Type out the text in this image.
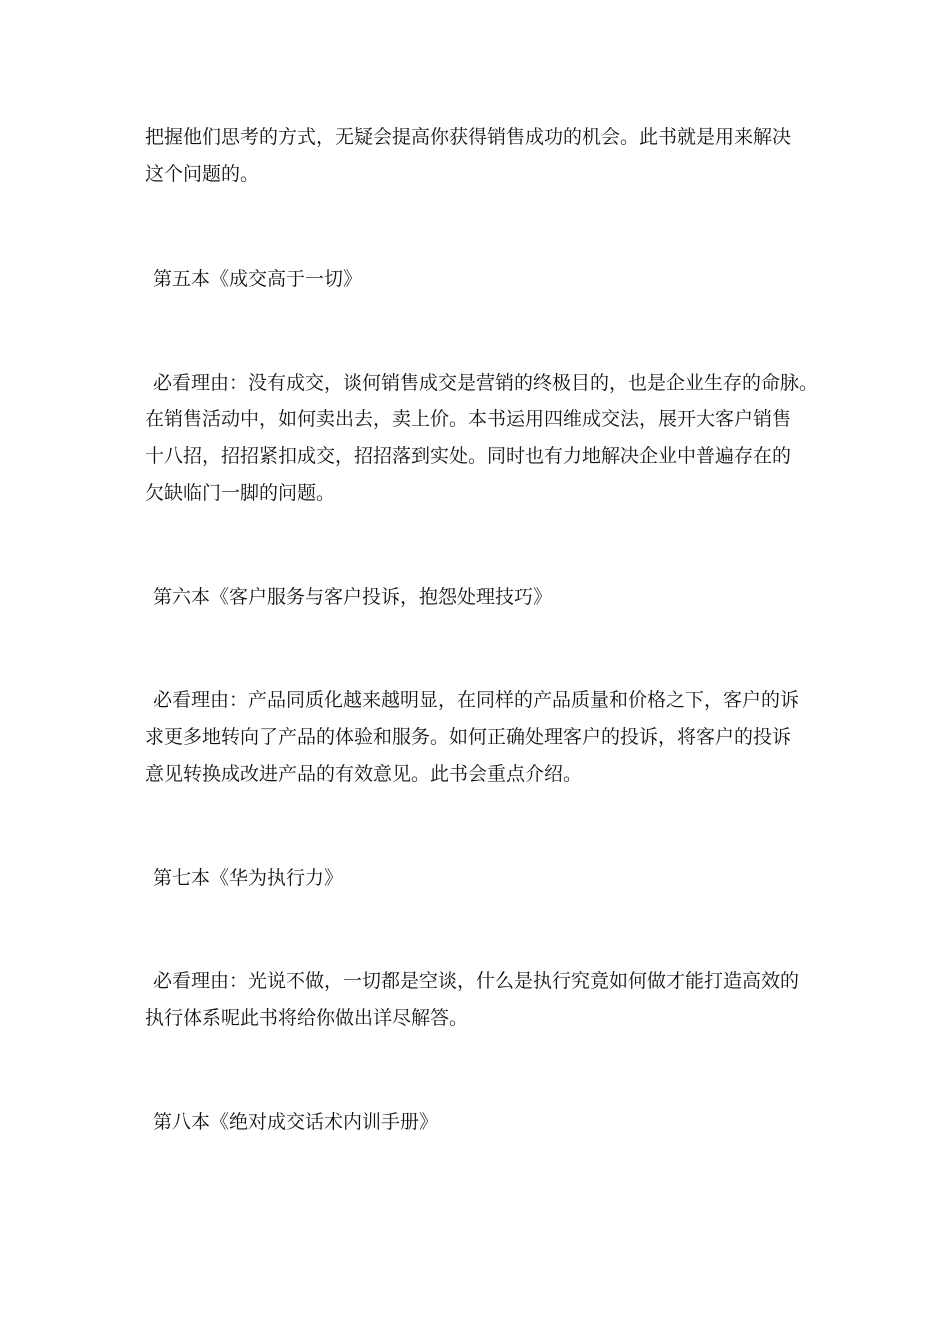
把握他们思考的方式，无疑会提高你获得销售成功的机会。此书就是用来解决

这个问题的。

第五本《成交高于一切》

必看理由：没有成交，谈何销售成交是营销的终极目的，也是企业生存的命脉。

在销售活动中，如何卖出去，卖上价。本书运用四维成交法，展开大客户销售

十八招，招招紧扣成交，招招落到实处。同时也有力地解决企业中普遍存在的

欠缺临门一脚的问题。

第六本《客户服务与客户投诉，抱怨处理技巧》

必看理由：产品同质化越来越明显，在同样的产品质量和价格之下，客户的诉

求更多地转向了产品的体验和服务。如何正确处理客户的投诉，将客户的投诉

意见转换成改进产品的有效意见。此书会重点介绍。

第七本《华为执行力》

必看理由：光说不做，一切都是空谈，什么是执行究竟如何做才能打造高效的

执行体系呢此书将给你做出详尽解答。

第八本《绝对成交话术内训手册》
